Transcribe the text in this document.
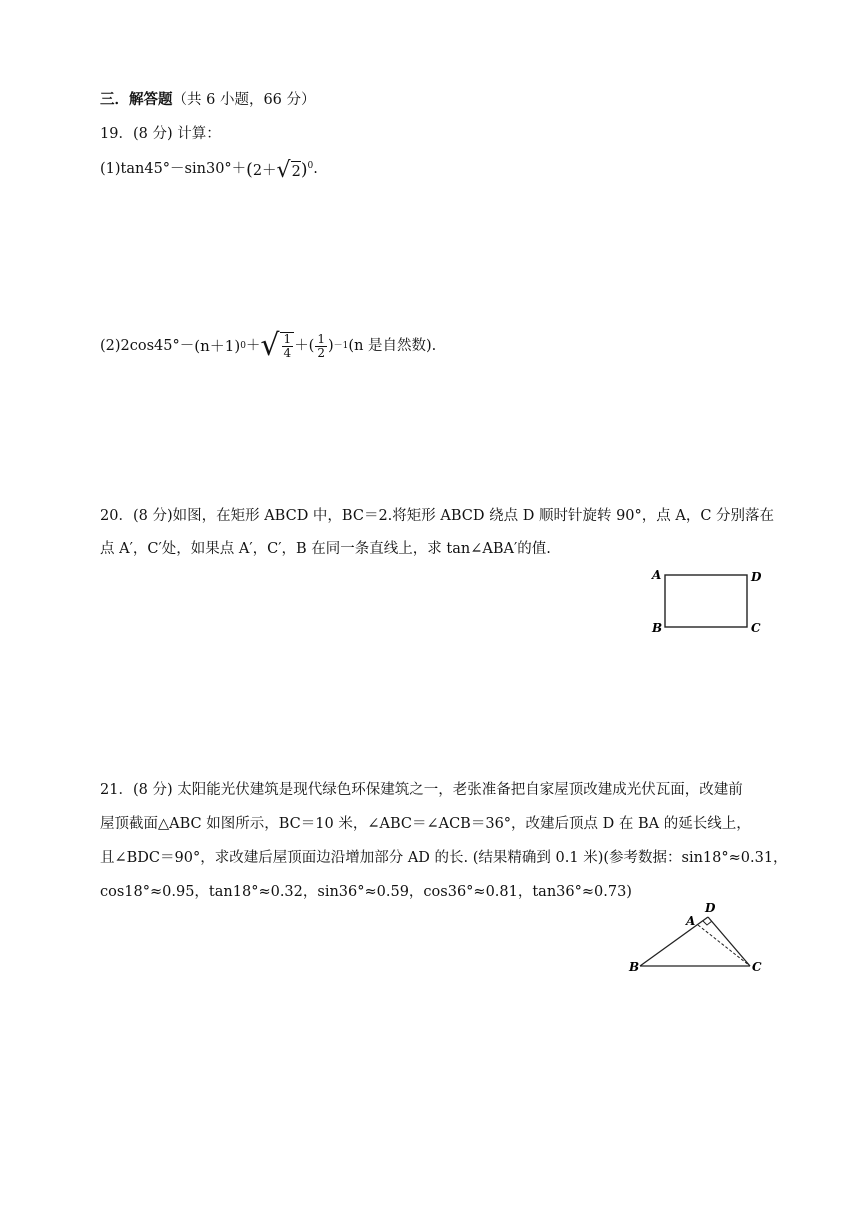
三．解答题（共 6 小题，66 分）
19．(8 分) 计算：
(1)tan45°－sin30°＋(2＋ √ 2 )$^0$.
(2)2cos45°－ (n＋1) 0 ＋ √ $\frac{1}{4}$ ＋( $\frac{1}{2}$ ) －1 (n 是自然数).
20．(8 分)如图，在矩形 ABCD 中，BC＝2.将矩形 ABCD 绕点 D 顺时针旋转 90°，点 A，C 分别落在
点 A′，C′处，如果点 A′，C′，B 在同一条直线上，求 tan∠ABA′的值.
A	D
B	C
21．(8 分) 太阳能光伏建筑是现代绿色环保建筑之一，老张准备把自家屋顶改建成光伏瓦面，改建前
屋顶截面△ABC 如图所示，BC＝10 米，∠ABC＝∠ACB＝36°，改建后顶点 D 在 BA 的延长线上，
且∠BDC＝90°，求改建后屋顶面边沿增加部分 AD 的长. (结果精确到 0.1 米)(参考数据：sin18°≈0.31，
cos18°≈0.95，tan18°≈0.32，sin36°≈0.59，cos36°≈0.81，tan36°≈0.73)
B	C
A
D
